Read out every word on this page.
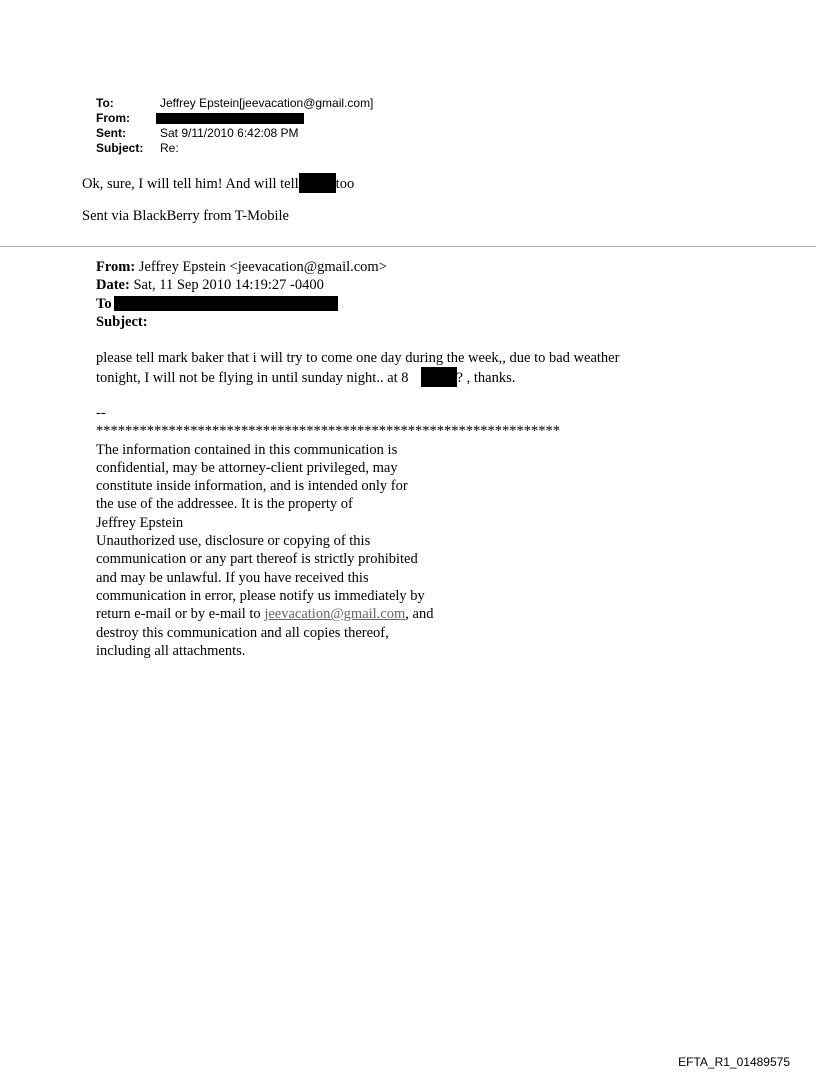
To:	Jeffrey Epstein[jeevacation@gmail.com]
From:
Sent:	Sat 9/11/2010 6:42:08 PM
Subject:	Re:
Ok, sure, I will tell him! And will tell	too
Sent via BlackBerry from T-Mobile
From: Jeffrey Epstein <jeevacation@gmail.com>
Date: Sat, 11 Sep 2010 14:19:27 -0400
To
Subject:
please tell mark baker that i will try to come one day during the week,, due to bad weather
tonight, I will not be flying in until sunday night.. at 8	? , thanks.
--
****************************************************************
The information contained in this communication is
confidential, may be attorney-client privileged, may
constitute inside information, and is intended only for
the use of the addressee. It is the property of
Jeffrey Epstein
Unauthorized use, disclosure or copying of this
communication or any part thereof is strictly prohibited
and may be unlawful. If you have received this
communication in error, please notify us immediately by
return e-mail or by e-mail to jeevacation@gmail.com, and
destroy this communication and all copies thereof,
including all attachments.
EFTA_R1_01489575
